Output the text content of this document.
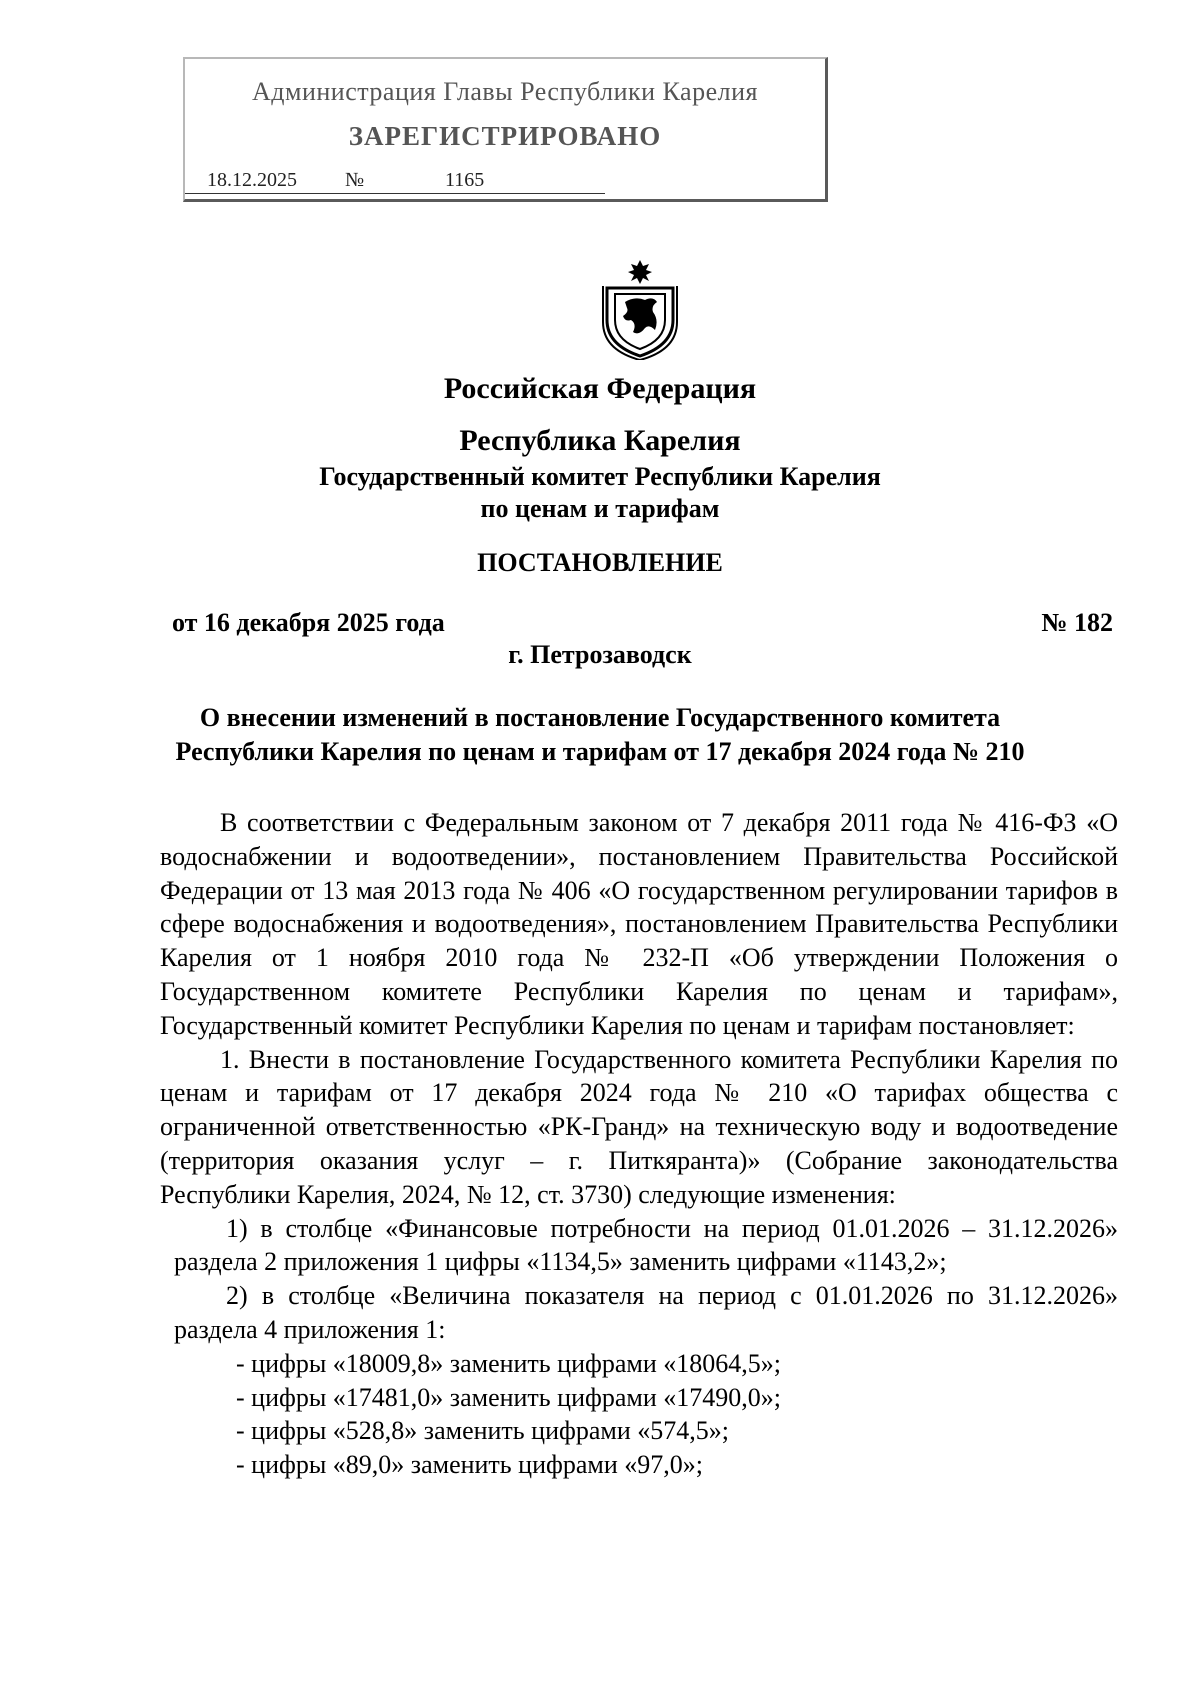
Администрация Главы Республики Карелия
ЗАРЕГИСТРИРОВАНО
18.12.2025 №	1165
Российская Федерация
Республика Карелия
Государственный комитет Республики Карелия
по ценам и тарифам
ПОСТАНОВЛЕНИЕ
от 16 декабря 2025 года	№ 182
г. Петрозаводск
О внесении изменений в постановление Государственного комитета
Республики Карелия по ценам и тарифам от 17 декабря 2024 года № 210

В соответствии с Федеральным законом от 7 декабря 2011 года № 416-ФЗ «О водоснабжении и водоотведении», постановлением Правительства Российской Федерации от 13 мая 2013 года № 406 «О государственном регулировании тарифов в сфере водоснабжения и водоотведения», постановлением Правительства Республики Карелия от 1 ноября 2010 года № 232-П «Об утверждении Положения о Государственном комитете Республики Карелия по ценам и тарифам», Государственный комитет Республики Карелия по ценам и тарифам постановляет:

1. Внести в постановление Государственного комитета Республики Карелия по ценам и тарифам от 17 декабря 2024 года № 210 «О тарифах общества с ограниченной ответственностью «РК-Гранд» на техническую воду и водоотведение (территория оказания услуг – г. Питкяранта)» (Собрание законодательства Республики Карелия, 2024, № 12, ст. 3730) следующие изменения:

1) в столбце «Финансовые потребности на период 01.01.2026 – 31.12.2026» раздела 2 приложения 1 цифры «1134,5» заменить цифрами «1143,2»;

2) в столбце «Величина показателя на период с 01.01.2026 по 31.12.2026» раздела 4 приложения 1:

- цифры «18009,8» заменить цифрами «18064,5»;

- цифры «17481,0» заменить цифрами «17490,0»;

- цифры «528,8» заменить цифрами «574,5»;

- цифры «89,0» заменить цифрами «97,0»;
